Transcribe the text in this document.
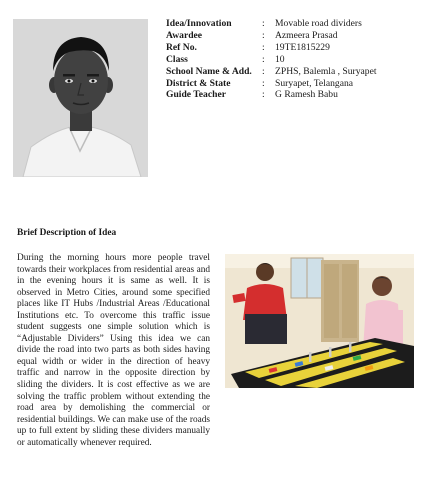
Idea/Innovation	:	Movable road dividers
Awardee	:	Azmeera Prasad
Ref No.	:	19TE1815229
Class	:	10
School Name & Add.	:	ZPHS, Balemla , Suryapet
District & State	:	Suryapet, Telangana
Guide Teacher	:	G Ramesh Babu
Brief Description of Idea

During the morning hours more people travel towards their workplaces from residential areas and in the evening hours it is same as well. It is observed in Metro Cities, around some specified places like IT Hubs /Industrial Areas /Educational Institutions etc. To overcome this traffic issue student suggests one simple solution which is “Adjustable Dividers” Using this idea we can divide the road into two parts as both sides having equal width or wider in the direction of heavy traffic and narrow in the opposite direction by sliding the dividers. It is cost effective as we are solving the traffic problem without extending the road area by demolishing the commercial or residential buildings. We can make use of the roads up to full extent by sliding these dividers manually or automatically whenever required.
